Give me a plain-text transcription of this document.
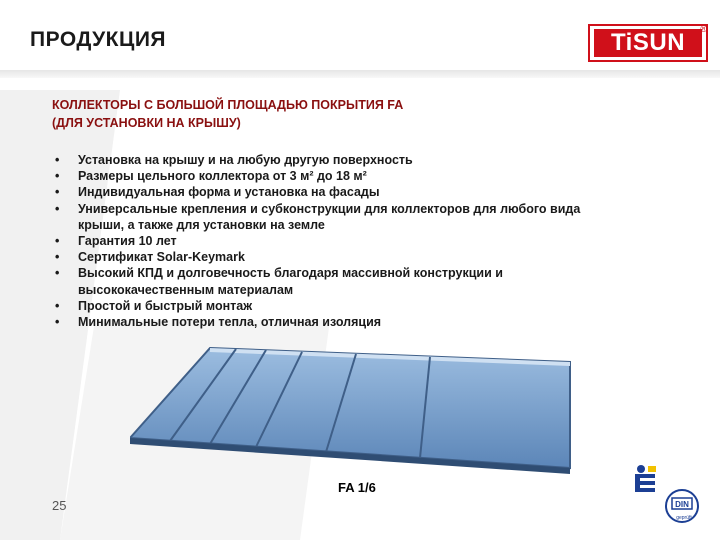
ПРОДУКЦИЯ	TiSUN	®
КОЛЛЕКТОРЫ С БОЛЬШОЙ ПЛОЩАДЬЮ ПОКРЫТИЯ FA
(ДЛЯ УСТАНОВКИ НА КРЫШУ)
• Установка на крышу и на любую другую поверхность
• Размеры цельного коллектора от 3 м² до 18 м²
• Индивидуальная форма и установка на фасады
• Универсальные крепления и субконструкции для коллекторов для любого вида крыши, а также для установки на земле
• Гарантия 10 лет
• Сертификат Solar-Keymark
• Высокий КПД и долговечность благодаря массивной конструкции и высококачественным материалам
• Простой и быстрый монтаж
• Минимальные потери тепла, отличная изоляция
FA 1/6
DIN
geprüft
25
